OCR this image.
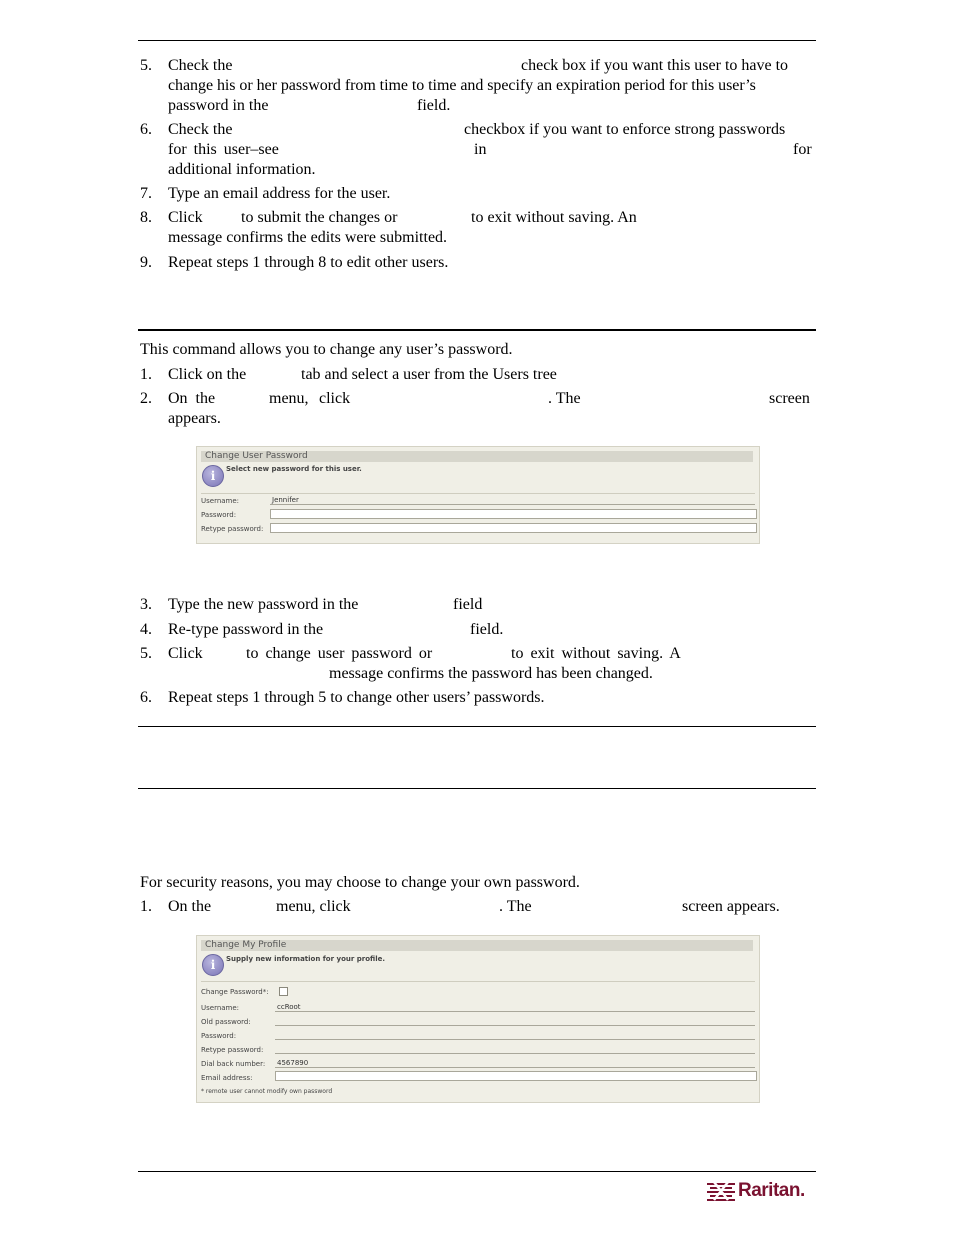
5. Check the	check box if you want this user to have to
change his or her password from time to time and specify an expiration period for this user’s
password in the	field.
6. Check the	checkbox if you want to enforce strong passwords
for this user–see	in	for
additional information.
7. Type an email address for the user.
8. Click to submit the changes or	to exit without saving. An
message confirms the edits were submitted.
9. Repeat steps 1 through 8 to edit other users.
This command allows you to change any user’s password.
1. Click on the	tab and select a user from the Users tree
2. On the	menu, click	. The	screen
appears.
Change User Password
i	Select new password for this user.
Username:	Jennifer
Password:
Retype password:
3. Type the new password in the	field
4. Re-type password in the	field.
5. Click	to change user password or	to exit without saving. A
message confirms the password has been changed.
6. Repeat steps 1 through 5 to change other users’ passwords.
For security reasons, you may choose to change your own password.
1. On the	menu, click	. The	screen appears.
Change My Profile
i	Supply new information for your profile.
Change Password*:
Username:	ccRoot
Old password:
Password:
Retype password:
Dial back number: 4567890
Email address:
* remote user cannot modify own password
Raritan.
